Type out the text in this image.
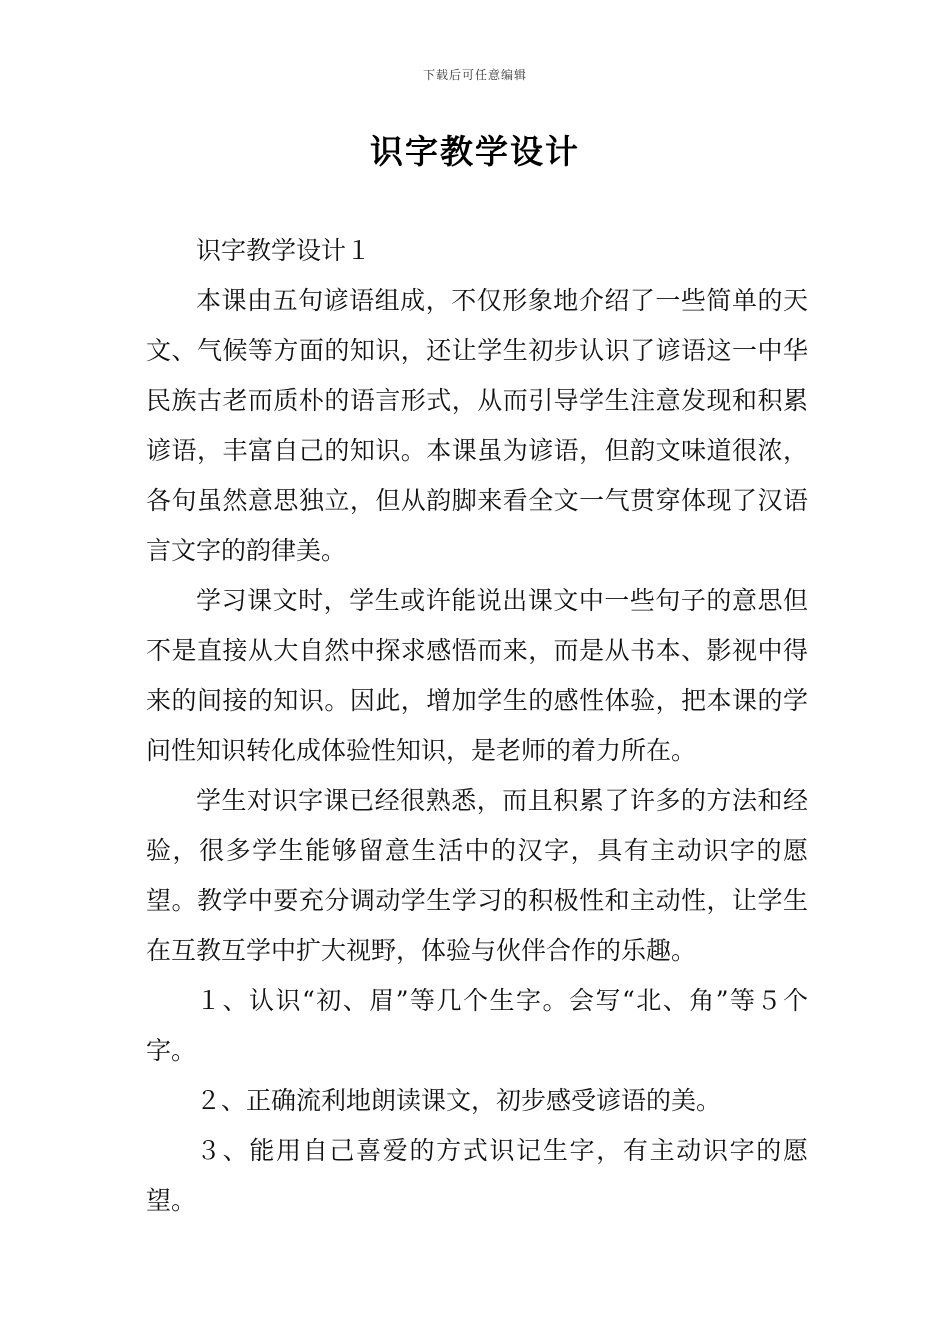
下载后可任意编辑
识字教学设计

识字教学设计１

本课由五句谚语组成，不仅形象地介绍了一些简单的天文、气候等方面的知识，还让学生初步认识了谚语这一中华民族古老而质朴的语言形式，从而引导学生注意发现和积累谚语，丰富自己的知识。本课虽为谚语，但韵文味道很浓，各句虽然意思独立，但从韵脚来看全文一气贯穿体现了汉语言文字的韵律美。

学习课文时，学生或许能说出课文中一些句子的意思但不是直接从大自然中探求感悟而来，而是从书本、影视中得来的间接的知识。因此，增加学生的感性体验，把本课的学问性知识转化成体验性知识，是老师的着力所在。

学生对识字课已经很熟悉，而且积累了许多的方法和经验，很多学生能够留意生活中的汉字，具有主动识字的愿望。教学中要充分调动学生学习的积极性和主动性，让学生在互教互学中扩大视野，体验与伙伴合作的乐趣。

１、认识“初、眉”等几个生字。会写“北、角”等５个字。

２、正确流利地朗读课文，初步感受谚语的美。

３、能用自己喜爱的方式识记生字，有主动识字的愿望。
